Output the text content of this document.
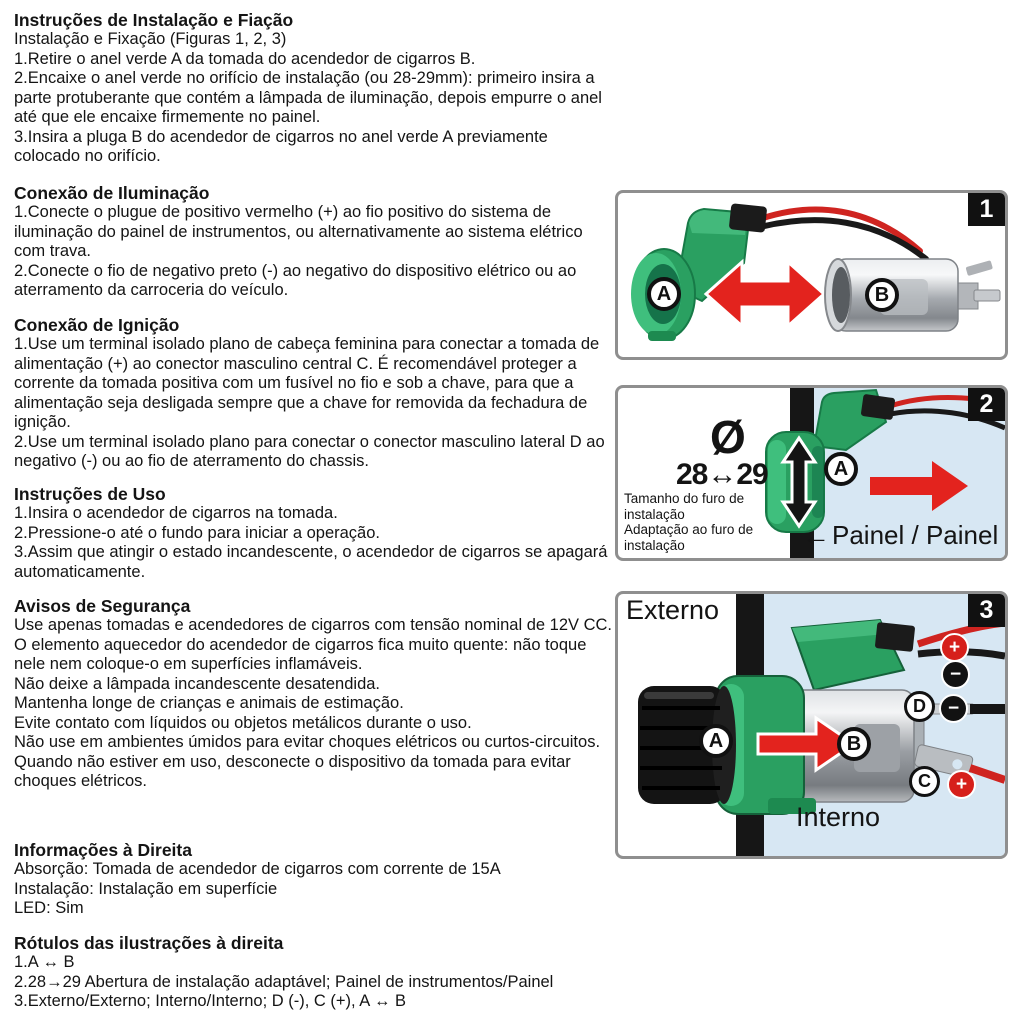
Instruções de Instalação e Fiação
Instalação e Fixação (Figuras 1, 2, 3)
1.Retire o anel verde A da tomada do acendedor de cigarros B.
2.Encaixe o anel verde no orifício de instalação (ou 28-29mm): primeiro insira a parte protuberante que contém a lâmpada de iluminação, depois empurre o anel até que ele encaixe firmemente no painel.
3.Insira a pluga B do acendedor de cigarros no anel verde A previamente colocado no orifício.
Conexão de Iluminação
1.Conecte o plugue de positivo vermelho (+) ao fio positivo do sistema de iluminação do painel de instrumentos, ou alternativamente ao sistema elétrico com trava.
2.Conecte o fio de negativo preto (-) ao negativo do dispositivo elétrico ou ao aterramento da carroceria do veículo.
Conexão de Ignição
1.Use um terminal isolado plano de cabeça feminina para conectar a tomada de alimentação (+) ao conector masculino central C. É recomendável proteger a corrente da tomada positiva com um fusível no fio e sob a chave, para que a alimentação seja desligada sempre que a chave for removida da fechadura de ignição.
2.Use um terminal isolado plano para conectar o conector masculino lateral D ao negativo (-) ou ao fio de aterramento do chassis.
Instruções de Uso
1.Insira o acendedor de cigarros na tomada.
2.Pressione-o até o fundo para iniciar a operação.
3.Assim que atingir o estado incandescente, o acendedor de cigarros se apagará automaticamente.
Avisos de Segurança
Use apenas tomadas e acendedores de cigarros com tensão nominal de 12V CC.
O elemento aquecedor do acendedor de cigarros fica muito quente: não toque nele nem coloque-o em superfícies inflamáveis.
Não deixe a lâmpada incandescente desatendida.
Mantenha longe de crianças e animais de estimação.
Evite contato com líquidos ou objetos metálicos durante o uso.
Não use em ambientes úmidos para evitar choques elétricos ou curtos-circuitos.
Quando não estiver em uso, desconecte o dispositivo da tomada para evitar choques elétricos.
Informações à Direita
Absorção: Tomada de acendedor de cigarros com corrente de 15A
Instalação: Instalação em superfície
LED: Sim
Rótulos das ilustrações à direita
1.A ↔ B
2.28→29 Abertura de instalação adaptável; Painel de instrumentos/Painel
3.Externo/Externo; Interno/Interno; D (-), C (+), A ↔ B
A	B
1
Ø
28↔29
Tamanho do furo de instalação
Adaptação ao furo de instalação
A
← Painel / Painel
2
Externo
Interno
A	B
D
C
+
−
−
+
3
